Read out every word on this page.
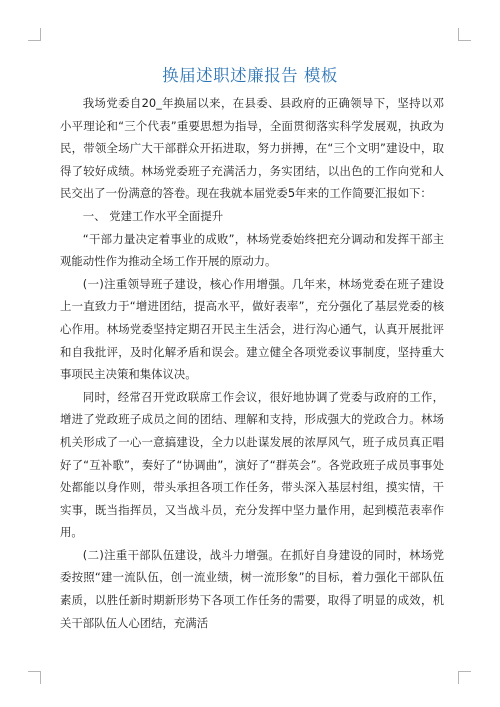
换届述职述廉报告 模板

我场党委自20_年换届以来，在县委、县政府的正确领导下，坚持以邓小平理论和“三个代表”重要思想为指导，全面贯彻落实科学发展观，执政为民，带领全场广大干部群众开拓进取，努力拼搏，在“三个文明”建设中，取得了较好成绩。林场党委班子充满活力，务实团结，以出色的工作向党和人民交出了一份满意的答卷。现在我就本届党委5年来的工作简要汇报如下：

一、 党建工作水平全面提升

“干部力量决定着事业的成败”，林场党委始终把充分调动和发挥干部主观能动性作为推动全场工作开展的原动力。

(一)注重领导班子建设，核心作用增强。几年来，林场党委在班子建设上一直致力于“增进团结，提高水平，做好表率”，充分强化了基层党委的核心作用。林场党委坚持定期召开民主生活会，进行沟心通气，认真开展批评和自我批评，及时化解矛盾和误会。建立健全各项党委议事制度，坚持重大事项民主决策和集体议决。

同时，经常召开党政联席工作会议，很好地协调了党委与政府的工作，增进了党政班子成员之间的团结、理解和支持，形成强大的党政合力。林场机关形成了一心一意搞建设，全力以赴谋发展的浓厚风气，班子成员真正唱好了“互补歌”，奏好了“协调曲”，演好了“群英会”。各党政班子成员事事处处都能以身作则，带头承担各项工作任务，带头深入基层村组，摸实情，干实事，既当指挥员，又当战斗员，充分发挥中坚力量作用，起到模范表率作用。

(二)注重干部队伍建设，战斗力增强。在抓好自身建设的同时，林场党委按照“建一流队伍，创一流业绩，树一流形象”的目标，着力强化干部队伍素质，以胜任新时期新形势下各项工作任务的需要，取得了明显的成效，机关干部队伍人心团结，充满活
